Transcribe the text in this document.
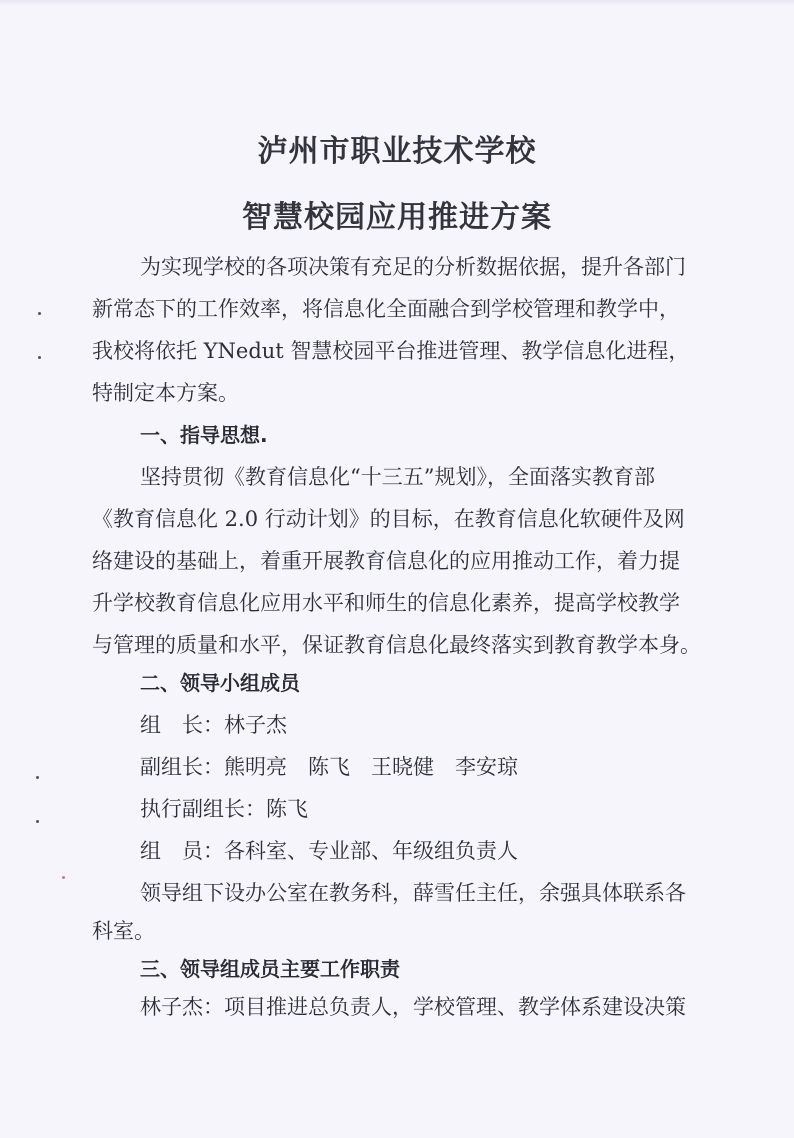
泸州市职业技术学校
智慧校园应用推进方案
为实现学校的各项决策有充足的分析数据依据，提升各部门
新常态下的工作效率，将信息化全面融合到学校管理和教学中，
我校将依托 YNedut 智慧校园平台推进管理、教学信息化进程，
特制定本方案。
一、指导思想.
坚持贯彻《教育信息化“十三五”规划》，全面落实教育部
《教育信息化 2.0 行动计划》的目标，在教育信息化软硬件及网
络建设的基础上，着重开展教育信息化的应用推动工作，着力提
升学校教育信息化应用水平和师生的信息化素养，提高学校教学
与管理的质量和水平，保证教育信息化最终落实到教育教学本身。
二、领导小组成员
组　长：林子杰
副组长：熊明亮　陈飞　王晓健　李安琼
执行副组长：陈飞
组　员：各科室、专业部、年级组负责人
领导组下设办公室在教务科，薛雪任主任，余强具体联系各
科室。
三、领导组成员主要工作职责
林子杰：项目推进总负责人，学校管理、教学体系建设决策
